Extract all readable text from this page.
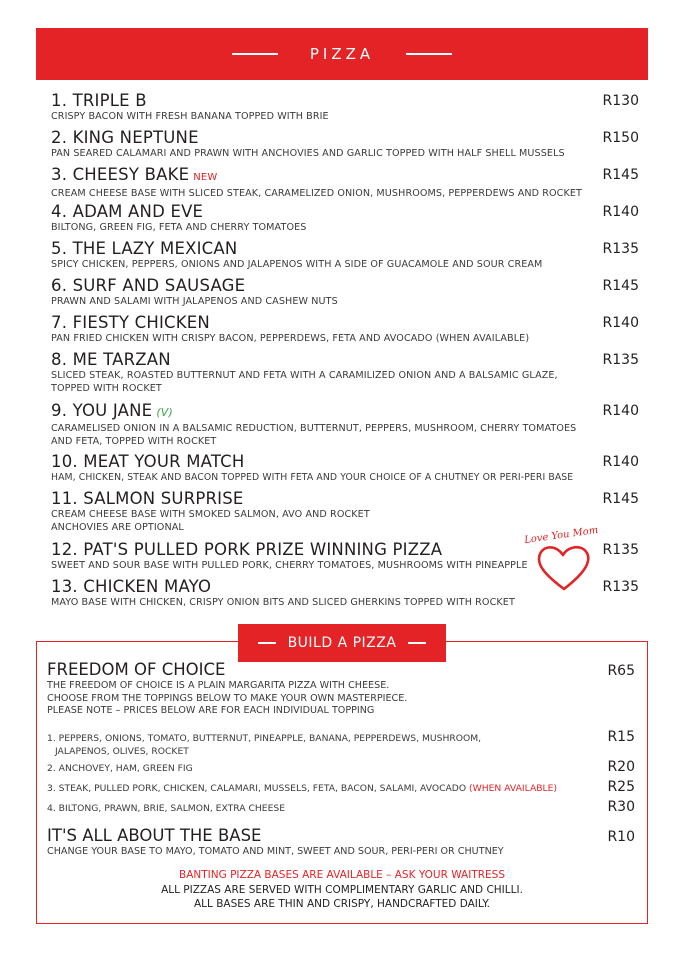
PIZZA
1. TRIPLE B
CRISPY BACON WITH FRESH BANANA TOPPED WITH BRIE
R130
2. KING NEPTUNE
PAN SEARED CALAMARI AND PRAWN WITH ANCHOVIES AND GARLIC TOPPED WITH HALF SHELL MUSSELS
R150
3. CHEESY BAKE NEW
CREAM CHEESE BASE WITH SLICED STEAK, CARAMELIZED ONION, MUSHROOMS, PEPPERDEWS AND ROCKET
R145
4. ADAM AND EVE
BILTONG, GREEN FIG, FETA AND CHERRY TOMATOES
R140
5. THE LAZY MEXICAN
SPICY CHICKEN, PEPPERS, ONIONS AND JALAPENOS WITH A SIDE OF GUACAMOLE AND SOUR CREAM
R135
6. SURF AND SAUSAGE
PRAWN AND SALAMI WITH JALAPENOS AND CASHEW NUTS
R145
7. FIESTY CHICKEN
PAN FRIED CHICKEN WITH CRISPY BACON, PEPPERDEWS, FETA AND AVOCADO (WHEN AVAILABLE)
R140
8. ME TARZAN
SLICED STEAK, ROASTED BUTTERNUT AND FETA WITH A CARAMILIZED ONION AND A BALSAMIC GLAZE, TOPPED WITH ROCKET
R135
9. YOU JANE (V)
CARAMELISED ONION IN A BALSAMIC REDUCTION, BUTTERNUT, PEPPERS, MUSHROOM, CHERRY TOMATOES AND FETA, TOPPED WITH ROCKET
R140
10. MEAT YOUR MATCH
HAM, CHICKEN, STEAK AND BACON TOPPED WITH FETA AND YOUR CHOICE OF A CHUTNEY OR PERI-PERI BASE
R140
11. SALMON SURPRISE
CREAM CHEESE BASE WITH SMOKED SALMON, AVO AND ROCKET ANCHOVIES ARE OPTIONAL
R145
12. PAT'S PULLED PORK PRIZE WINNING PIZZA
SWEET AND SOUR BASE WITH PULLED PORK, CHERRY TOMATOES, MUSHROOMS WITH PINEAPPLE
R135
13. CHICKEN MAYO
MAYO BASE WITH CHICKEN, CRISPY ONION BITS AND SLICED GHERKINS TOPPED WITH ROCKET
R135
Love You Mom
BUILD A PIZZA
FREEDOM OF CHOICE	R65
THE FREEDOM OF CHOICE IS A PLAIN MARGARITA PIZZA WITH CHEESE.
CHOOSE FROM THE TOPPINGS BELOW TO MAKE YOUR OWN MASTERPIECE.
PLEASE NOTE – PRICES BELOW ARE FOR EACH INDIVIDUAL TOPPING
1. PEPPERS, ONIONS, TOMATO, BUTTERNUT, PINEAPPLE, BANANA, PEPPERDEWS, MUSHROOM,
JALAPENOS, OLIVES, ROCKET
R15
2. ANCHOVEY, HAM, GREEN FIG	R20
3. STEAK, PULLED PORK, CHICKEN, CALAMARI, MUSSELS, FETA, BACON, SALAMI, AVOCADO (WHEN AVAILABLE)	R25
4. BILTONG, PRAWN, BRIE, SALMON, EXTRA CHEESE	R30
IT'S ALL ABOUT THE BASE	R10
CHANGE YOUR BASE TO MAYO, TOMATO AND MINT, SWEET AND SOUR, PERI-PERI OR CHUTNEY
BANTING PIZZA BASES ARE AVAILABLE – ASK YOUR WAITRESS
ALL PIZZAS ARE SERVED WITH COMPLIMENTARY GARLIC AND CHILLI.
ALL BASES ARE THIN AND CRISPY, HANDCRAFTED DAILY.
